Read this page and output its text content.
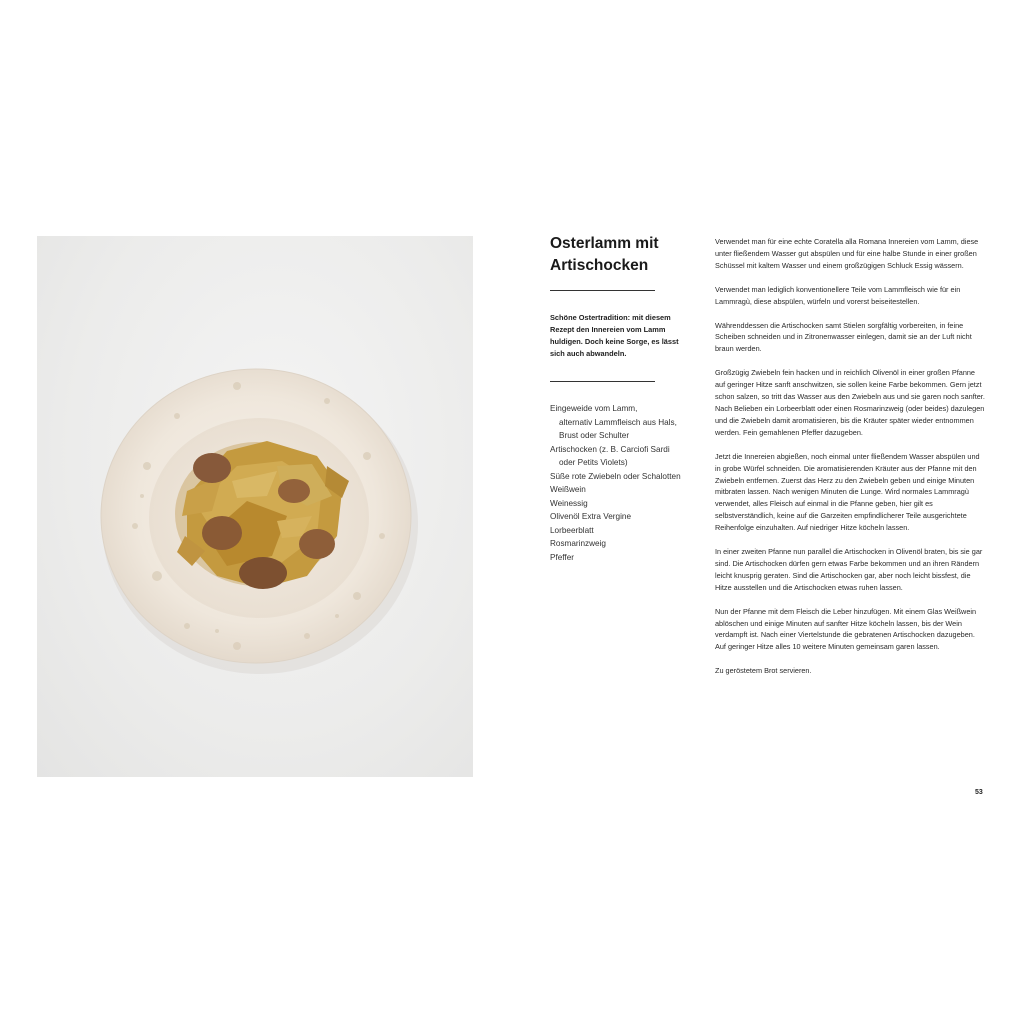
Osterlamm mit Artischocken
Schöne Ostertradition: mit diesem Rezept den Innereien vom Lamm huldigen. Doch keine Sorge, es lässt sich auch abwandeln.
Eingeweide vom Lamm,
alternativ Lammfleisch aus Hals,
Brust oder Schulter
Artischocken (z. B. Carciofi Sardi
oder Petits Violets)
Süße rote Zwiebeln oder Schalotten
Weißwein
Weinessig
Olivenöl Extra Vergine
Lorbeerblatt
Rosmarinzweig
Pfeffer

Verwendet man für eine echte Coratella alla Romana Innereien vom Lamm, diese unter fließendem Wasser gut abspülen und für eine halbe Stunde in einer großen Schüssel mit kaltem Wasser und einem großzügigen Schluck Essig wässern.

Verwendet man lediglich konventionellere Teile vom Lammfleisch wie für ein Lammragù, diese abspülen, würfeln und vorerst beiseitestellen.

Währenddessen die Artischocken samt Stielen sorgfältig vorbereiten, in feine Scheiben schneiden und in Zitronenwasser einlegen, damit sie an der Luft nicht braun werden.

Großzügig Zwiebeln fein hacken und in reichlich Olivenöl in einer großen Pfanne auf geringer Hitze sanft anschwitzen, sie sollen keine Farbe bekommen. Gern jetzt schon salzen, so tritt das Wasser aus den Zwiebeln aus und sie garen noch sanfter. Nach Belieben ein Lorbeerblatt oder einen Rosmarinzweig (oder beides) dazulegen und die Zwiebeln damit aromatisieren, bis die Kräuter später wieder entnommen werden. Fein gemahlenen Pfeffer dazugeben.

Jetzt die Innereien abgießen, noch einmal unter fließendem Wasser abspülen und in grobe Würfel schneiden. Die aromatisierenden Kräuter aus der Pfanne mit den Zwiebeln entfernen. Zuerst das Herz zu den Zwiebeln geben und einige Minuten mitbraten lassen. Nach wenigen Minuten die Lunge. Wird normales Lammragù verwendet, alles Fleisch auf einmal in die Pfanne geben, hier gilt es selbstverständlich, keine auf die Garzeiten empfindlicherer Teile ausgerichtete Reihenfolge einzuhalten. Auf niedriger Hitze köcheln lassen.

In einer zweiten Pfanne nun parallel die Artischocken in Olivenöl braten, bis sie gar sind. Die Artischocken dürfen gern etwas Farbe bekommen und an ihren Rändern leicht knusprig geraten. Sind die Artischocken gar, aber noch leicht bissfest, die Hitze ausstellen und die Artischocken etwas ruhen lassen.

Nun der Pfanne mit dem Fleisch die Leber hinzufügen. Mit einem Glas Weißwein ablöschen und einige Minuten auf sanfter Hitze köcheln lassen, bis der Wein verdampft ist. Nach einer Viertelstunde die gebratenen Artischocken dazugeben. Auf geringer Hitze alles 10 weitere Minuten gemeinsam garen lassen.

Zu geröstetem Brot servieren.

53
